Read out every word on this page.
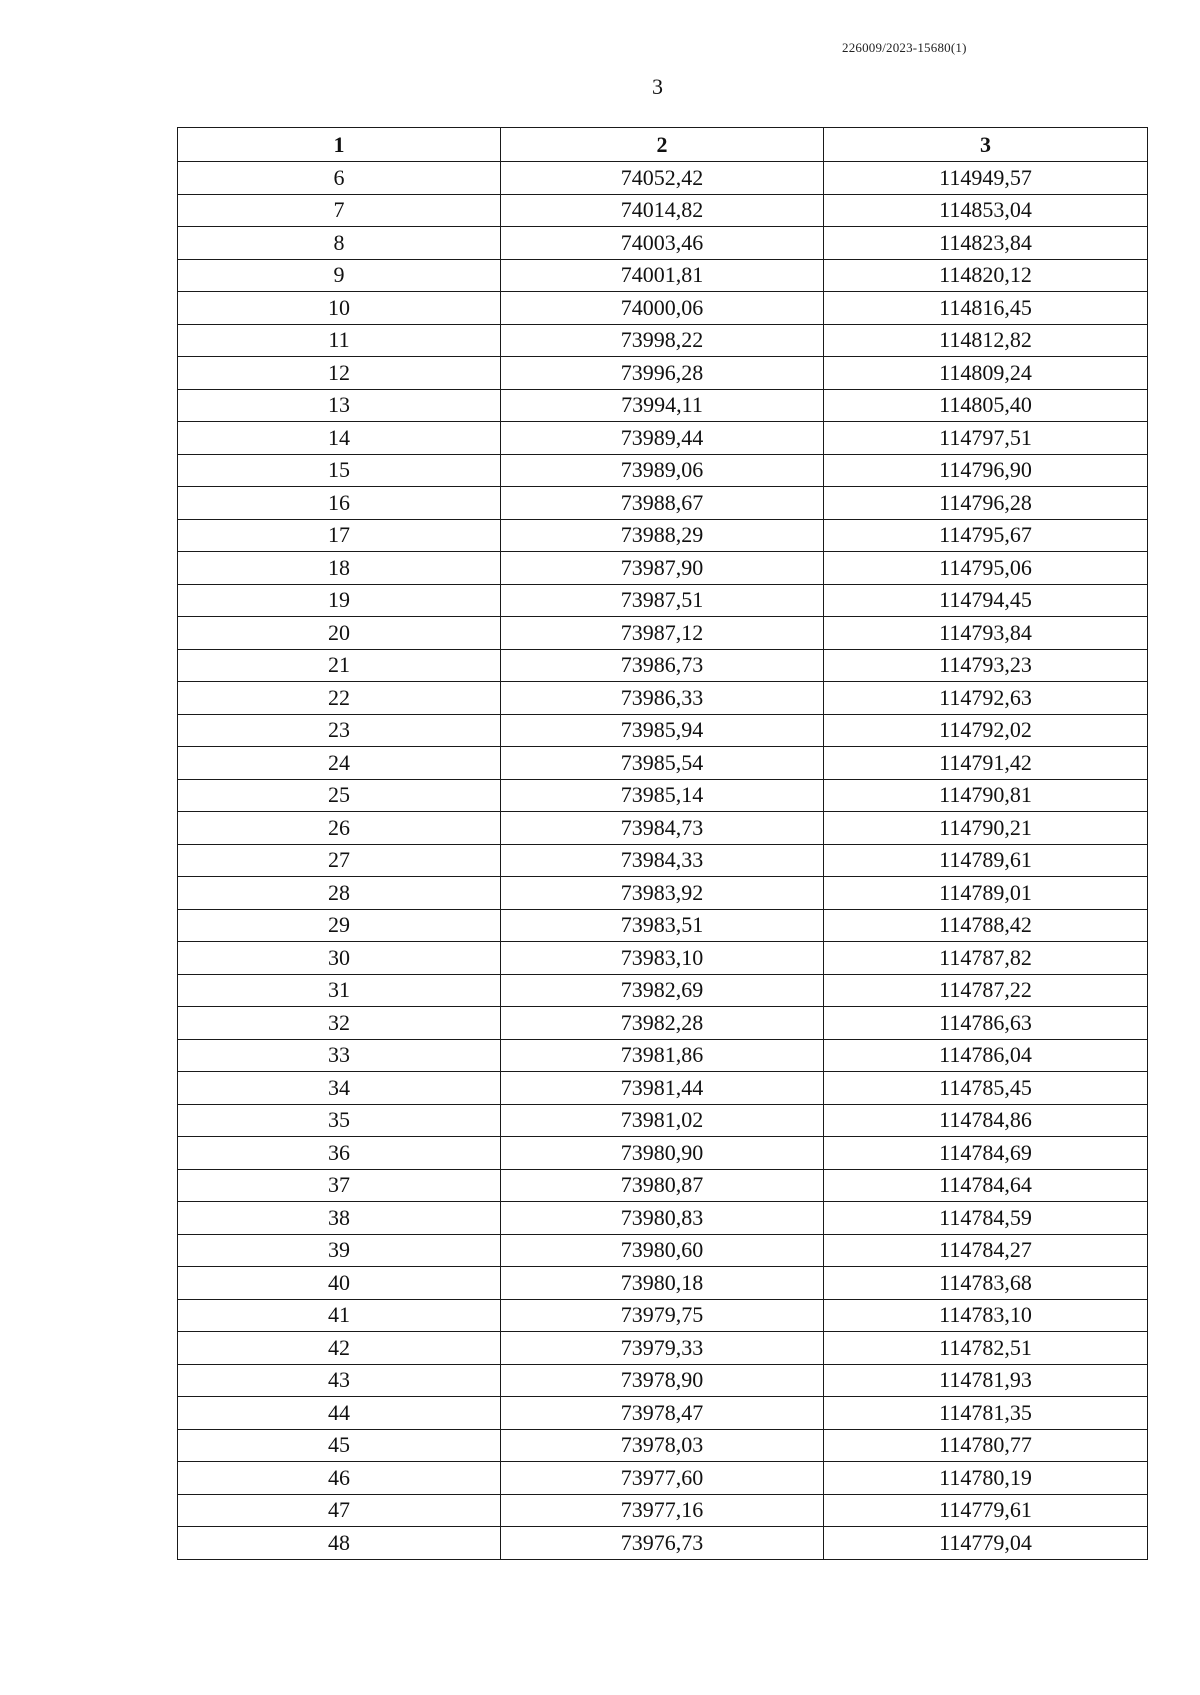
226009/2023-15680(1)
3
1	2	3
6	74052,42	114949,57
7	74014,82	114853,04
8	74003,46	114823,84
9	74001,81	114820,12
10	74000,06	114816,45
11	73998,22	114812,82
12	73996,28	114809,24
13	73994,11	114805,40
14	73989,44	114797,51
15	73989,06	114796,90
16	73988,67	114796,28
17	73988,29	114795,67
18	73987,90	114795,06
19	73987,51	114794,45
20	73987,12	114793,84
21	73986,73	114793,23
22	73986,33	114792,63
23	73985,94	114792,02
24	73985,54	114791,42
25	73985,14	114790,81
26	73984,73	114790,21
27	73984,33	114789,61
28	73983,92	114789,01
29	73983,51	114788,42
30	73983,10	114787,82
31	73982,69	114787,22
32	73982,28	114786,63
33	73981,86	114786,04
34	73981,44	114785,45
35	73981,02	114784,86
36	73980,90	114784,69
37	73980,87	114784,64
38	73980,83	114784,59
39	73980,60	114784,27
40	73980,18	114783,68
41	73979,75	114783,10
42	73979,33	114782,51
43	73978,90	114781,93
44	73978,47	114781,35
45	73978,03	114780,77
46	73977,60	114780,19
47	73977,16	114779,61
48	73976,73	114779,04
